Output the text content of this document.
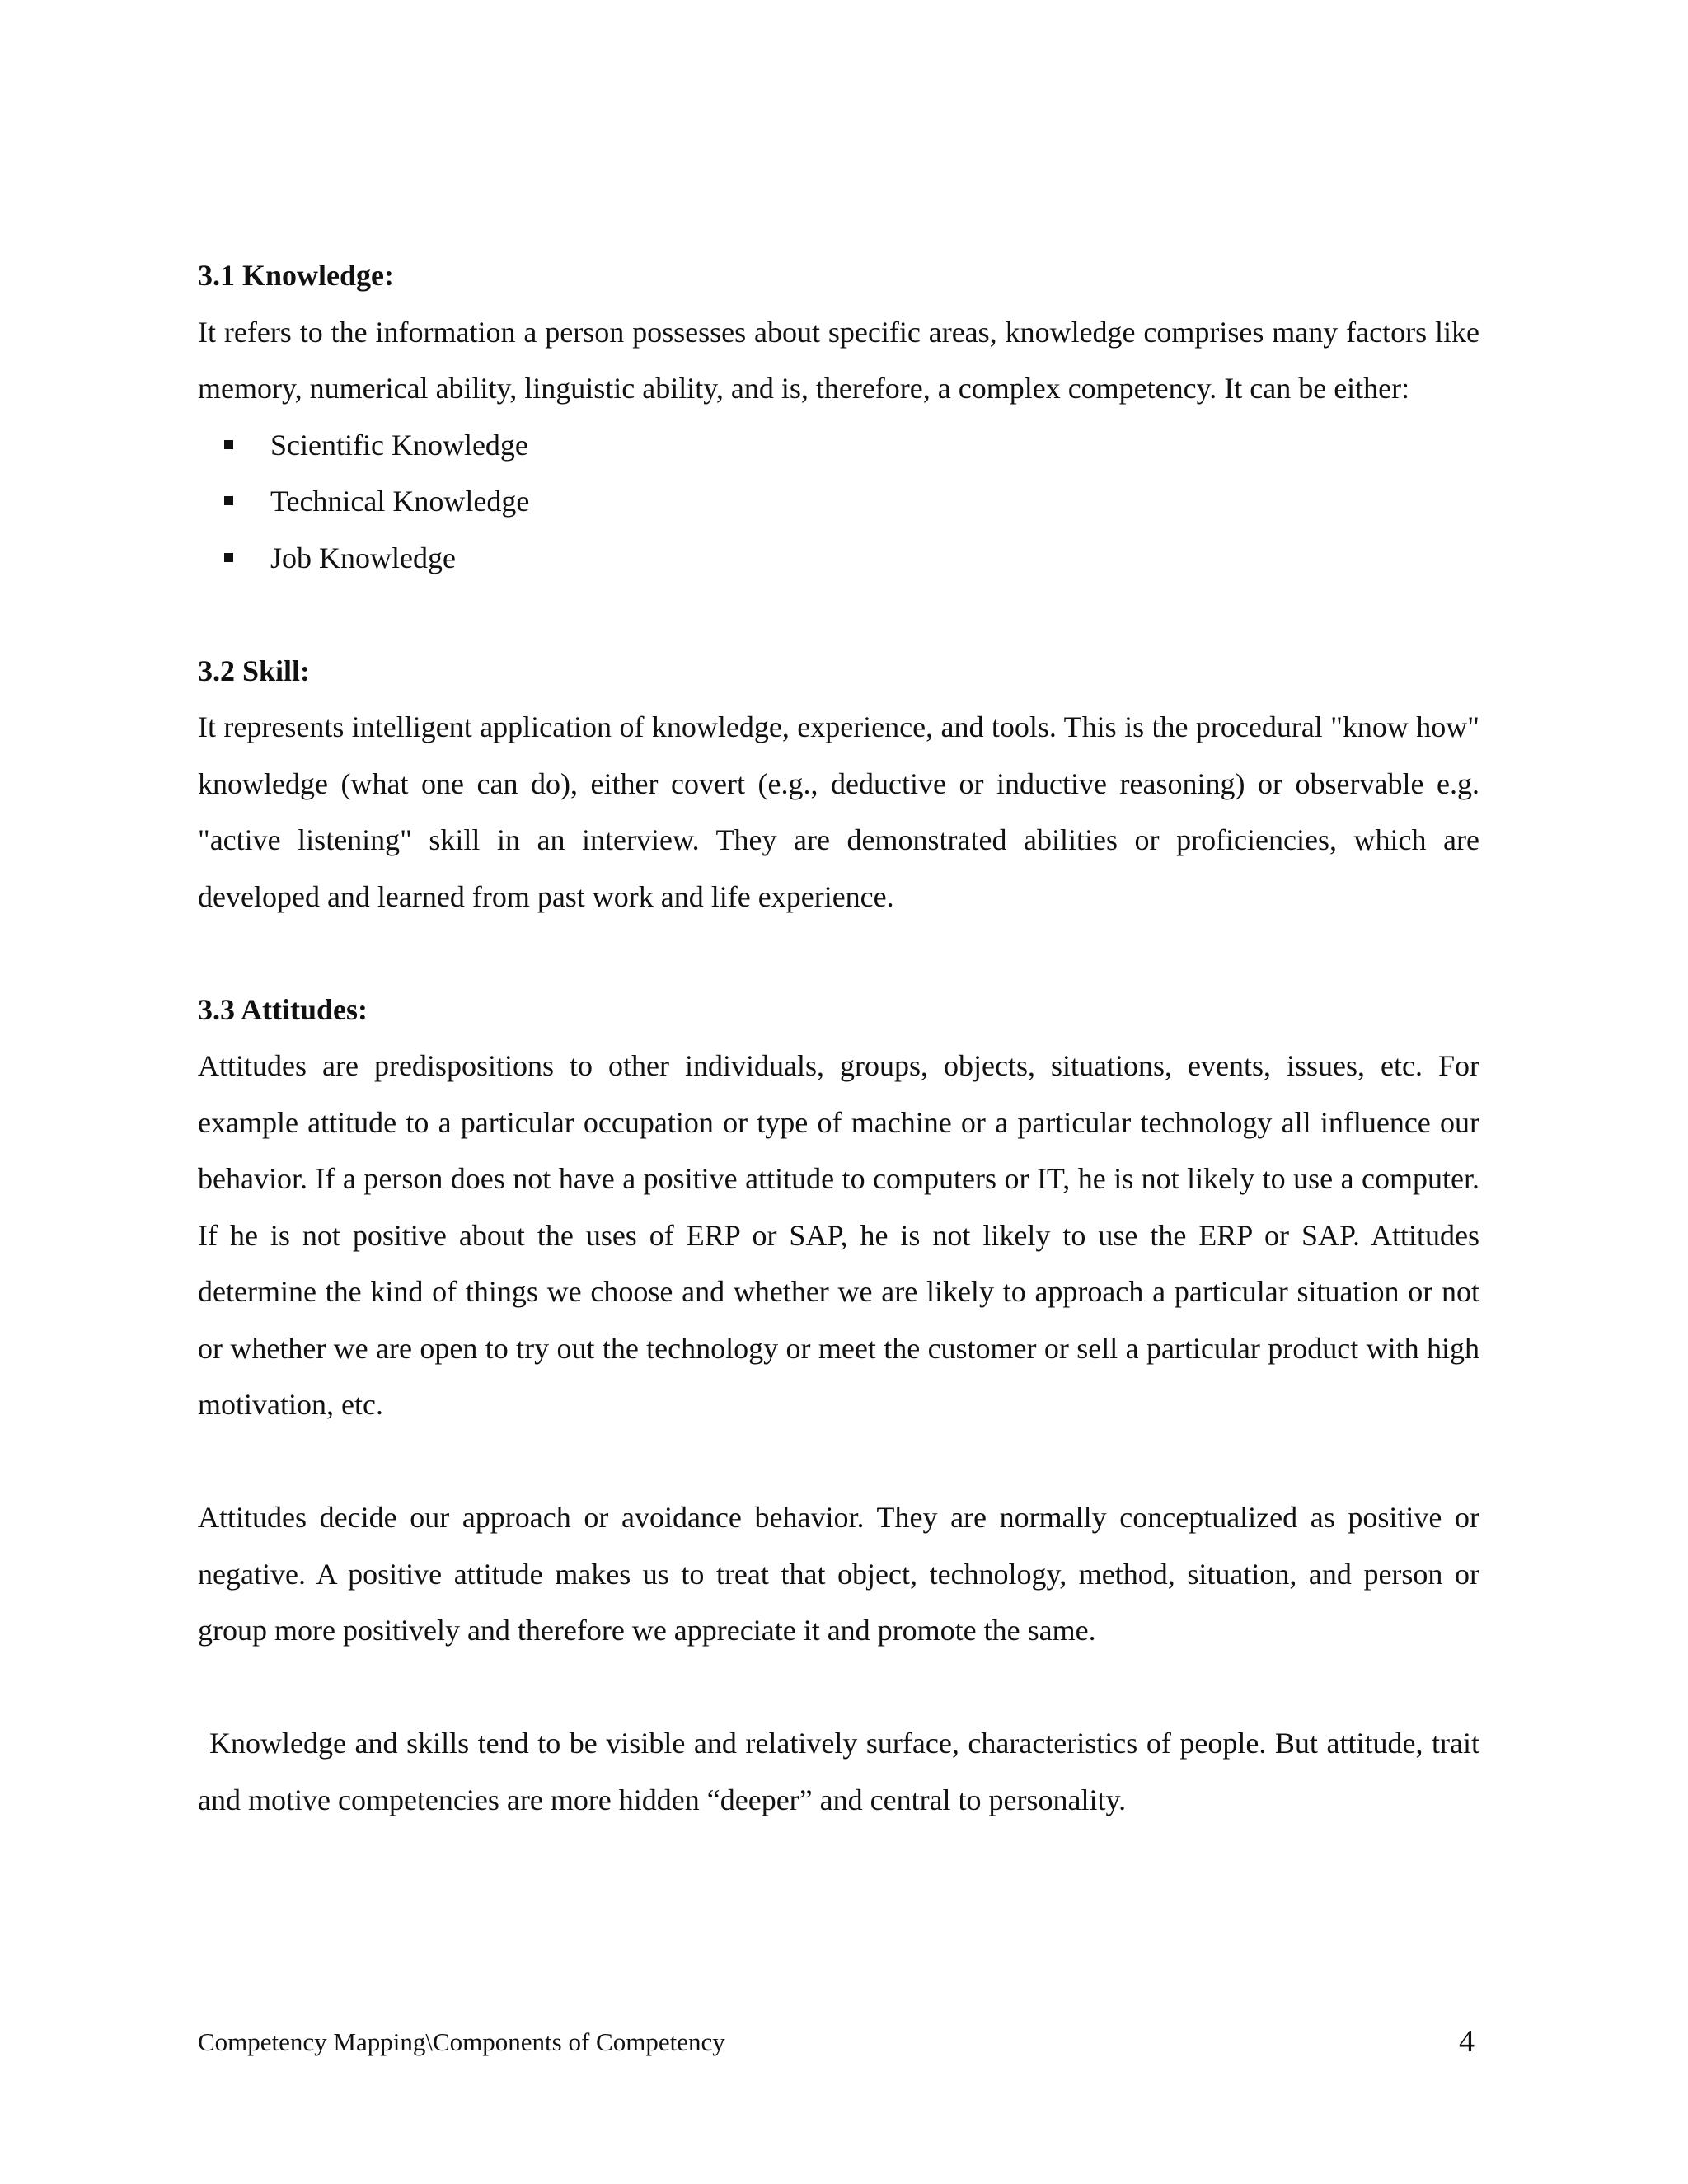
3.1 Knowledge:

It refers to the information a person possesses about specific areas, knowledge comprises many factors like memory, numerical ability, linguistic ability, and is, therefore, a complex competency. It can be either:

Scientific Knowledge
Technical Knowledge
Job Knowledge

3.2 Skill:

It represents intelligent application of knowledge, experience, and tools. This is the procedural "know how" knowledge (what one can do), either covert (e.g., deductive or inductive reasoning) or observable e.g. "active listening" skill in an interview. They are demonstrated abilities or proficiencies, which are developed and learned from past work and life experience.

3.3 Attitudes:

Attitudes are predispositions to other individuals, groups, objects, situations, events, issues, etc. For example attitude to a particular occupation or type of machine or a particular technology all influence our behavior. If a person does not have a positive attitude to computers or IT, he is not likely to use a computer. If he is not positive about the uses of ERP or SAP, he is not likely to use the ERP or SAP. Attitudes determine the kind of things we choose and whether we are likely to approach a particular situation or not or whether we are open to try out the technology or meet the customer or sell a particular product with high motivation, etc.

Attitudes decide our approach or avoidance behavior. They are normally conceptualized as positive or negative. A positive attitude makes us to treat that object, technology, method, situation, and person or group more positively and therefore we appreciate it and promote the same.

Knowledge and skills tend to be visible and relatively surface, characteristics of people. But attitude, trait and motive competencies are more hidden “deeper” and central to personality.

Competency Mapping\Components of Competency	4
